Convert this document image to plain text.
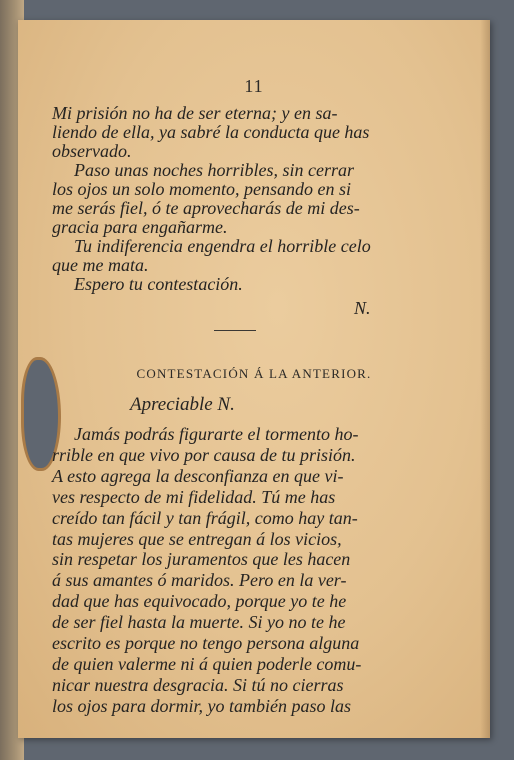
11
Mi prisión no ha de ser eterna; y en sa-
liendo de ella, ya sabré la conducta que has
observado.
Paso unas noches horribles, sin cerrar
los ojos un solo momento, pensando en si
me serás fiel, ó te aprovecharás de mi des-
gracia para engañarme.
Tu indiferencia engendra el horrible celo
que me mata.
Espero tu contestación.
N.
CONTESTACIÓN Á LA ANTERIOR.
Apreciable N.
Jamás podrás figurarte el tormento ho-
rrible en que vivo por causa de tu prisión.
A esto agrega la desconfianza en que vi-
ves respecto de mi fidelidad. Tú me has
creído tan fácil y tan frágil, como hay tan-
tas mujeres que se entregan á los vicios,
sin respetar los juramentos que les hacen
á sus amantes ó maridos. Pero en la ver-
dad que has equivocado, porque yo te he
de ser fiel hasta la muerte. Si yo no te he
escrito es porque no tengo persona alguna
de quien valerme ni á quien poderle comu-
nicar nuestra desgracia. Si tú no cierras
los ojos para dormir, yo también paso las
